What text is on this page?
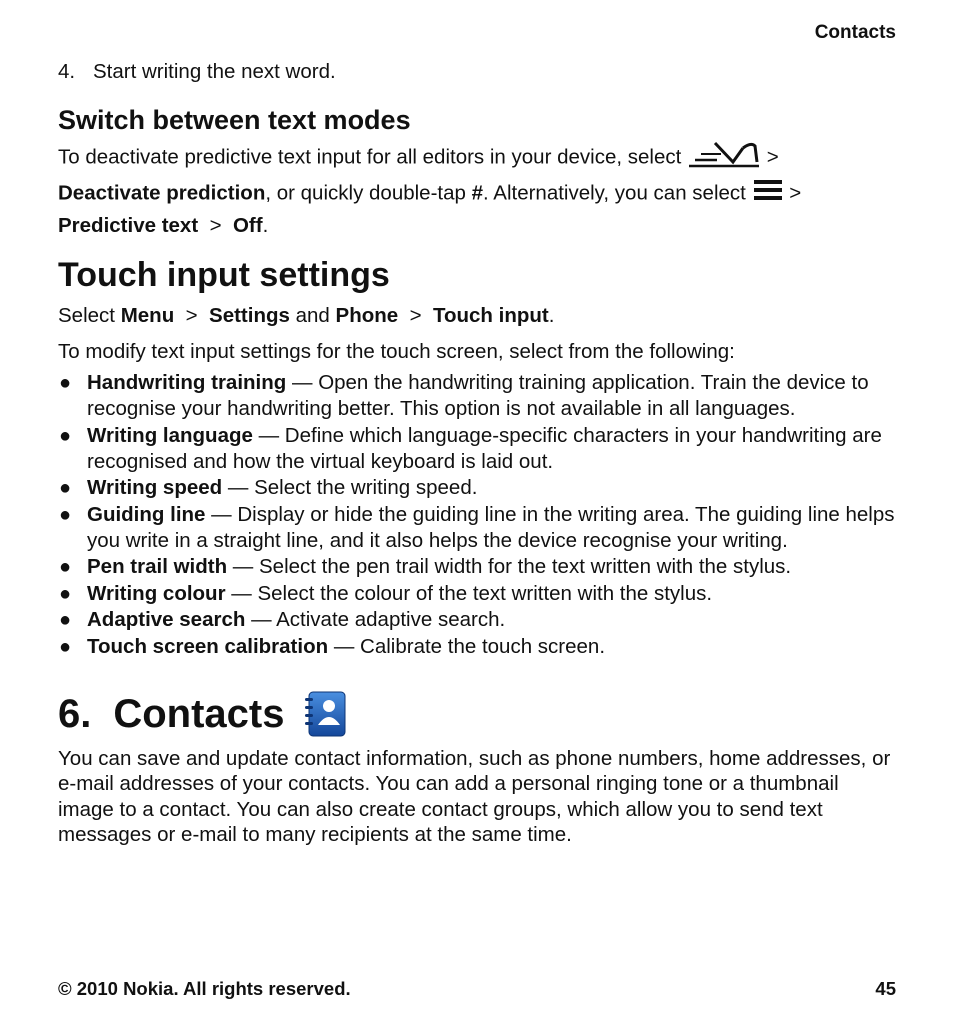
Contacts
4. Start writing the next word.
Switch between text modes

To deactivate predictive text input for all editors in your device, select	>
Deactivate prediction, or quickly double-tap #. Alternatively, you can select >
Predictive text > Off.

Touch input settings

Select Menu > Settings and Phone > Touch input.

To modify text input settings for the touch screen, select from the following:

● Handwriting training — Open the handwriting training application. Train the device to recognise your handwriting better. This option is not available in all languages.
● Writing language — Define which language-specific characters in your handwriting are recognised and how the virtual keyboard is laid out.
● Writing speed — Select the writing speed.
● Guiding line — Display or hide the guiding line in the writing area. The guiding line helps you write in a straight line, and it also helps the device recognise your writing.
● Pen trail width — Select the pen trail width for the text written with the stylus.
● Writing colour — Select the colour of the text written with the stylus.
● Adaptive search — Activate adaptive search.
● Touch screen calibration — Calibrate the touch screen.
6. Contacts

You can save and update contact information, such as phone numbers, home addresses, or e-mail addresses of your contacts. You can add a personal ringing tone or a thumbnail image to a contact. You can also create contact groups, which allow you to send text messages or e-mail to many recipients at the same time.

© 2010 Nokia. All rights reserved.	45
